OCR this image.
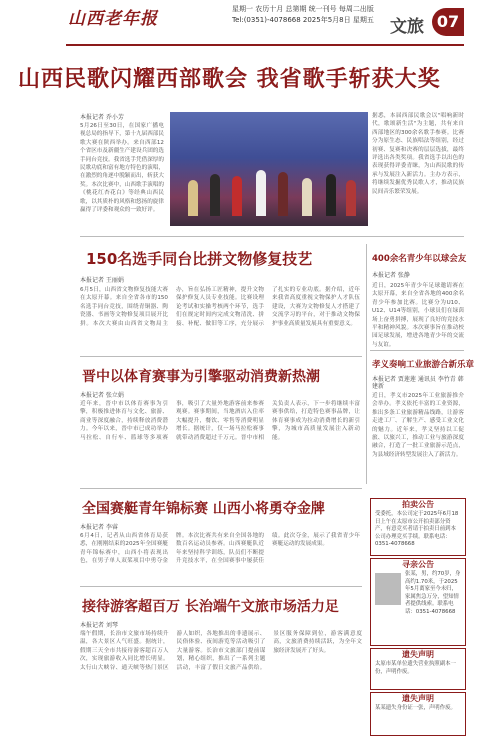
山西老年报	星期一 农历十月 总第期 统一刊号 每周二出版
Tel:(0351)-4078668 2025年5月8日 星期五 文旅 07
山西民歌闪耀西部歌会 我省歌手斩获大奖
本报记者 乔小芳
5月26日至30日，在国家广播电视总局的指导下，第十九届西部民歌大赛在陕西举办。来自西部12个省区市及新疆生产建设兵团的选手同台竞技。我省选手凭借深厚的民歌功底和富有地方特色的演唱，在激烈的角逐中脱颖而出，斩获大奖。本次比赛中，山西歌手演唱的《桃花红杏花白》等经典山西民歌，以其质朴的风格和悠扬的旋律赢得了评委和观众的一致好评。
据悉，本届西部民歌会以"唱响新时代，歌颂新生活"为主题，共有来自西部地区的300余名歌手参赛。比赛分为原生态、民族唱法等组别，经过初赛、复赛和决赛的层层选拔，最终评选出各类奖项。我省选手以出色的表现获得评委青睐，为山西民歌的传承与发展注入新活力。主办方表示，将继续发掘优秀民歌人才，推动民族民间音乐繁荣发展。
150名选手同台比拼文物修复技艺
本报记者 王丽娟
6月5日，山西省文物修复技能大赛在太原开幕。来自全省各市的150名选手同台竞技，围绕青铜器、陶瓷器、书画等文物修复项目展开比拼。本次大赛由山西省文物局主办，旨在弘扬工匠精神，提升文物保护修复人员专业技能。比赛设理论考试和实操考核两个环节，选手们在规定时间内完成文物清洗、拼接、补配、做旧等工序，充分展示了扎实的专业功底。据介绍，近年来我省高度重视文物保护人才队伍建设，大赛为文物修复人才搭建了交流学习的平台，对于推动文物保护事业高质量发展具有重要意义。
400余名青少年以球会友
本报记者 张静
近日，2025年青少年足球邀请赛在太原开幕，来自全省各地的400余名青少年参加比赛。比赛分为U10、U12、U14等组别，小球员们在绿茵场上奋勇拼搏，展现了良好的竞技水平和精神风貌。本次赛事旨在推动校园足球发展，增进各地青少年的交流与友谊。
晋中以体育赛事为引擎驱动消费新热潮
本报记者 张立娟
近年来，晋中市以体育赛事为引擎，积极推进体育与文化、旅游、商业等深度融合，持续释放消费潜力。今年以来，晋中市已成功举办马拉松、自行车、篮球等多项赛事，吸引了大量外地游客前来参赛观赛。赛事期间，当地酒店入住率大幅提升，餐饮、零售等消费明显增长。据统计，仅一场马拉松赛事就带动消费超过千万元。晋中市相关负责人表示，下一步将继续丰富赛事供给，打造特色赛事品牌，让体育赛事成为拉动消费增长的新引擎，为城市高质量发展注入新动能。
孝义奏响工业旅游合新乐章
本报记者 贾莲莲 通讯员 李竹青 韩建新
近日，孝义市2025年工业旅游推介会举办。孝义依托丰富的工业资源，推出多条工业旅游精品线路，让游客走进工厂、了解生产、感受工业文化的魅力。近年来，孝义坚持以工促旅、以旅兴工，推动工业与旅游深度融合，打造了一批工业旅游示范点，为县域经济转型发展注入了新活力。
全国赛艇青年锦标赛 山西小将勇夺金牌
本报记者 李睿
6月4日，记者从山西省体育局获悉，在刚刚结束的2025年全国赛艇青年锦标赛中，山西小将表现出色，在男子单人双桨项目中勇夺金牌。本次比赛共有来自全国各地的数百名运动员参赛。山西赛艇队近年来坚持科学训练，队员们不断提升竞技水平，在全国赛事中屡获佳绩。此次夺金，展示了我省青少年赛艇运动的发展成果。
接待游客超百万 长治端午文旅市场活力足
本报记者 刘琴
端午假期，长治市文旅市场持续升温，各大景区人气旺盛。据统计，假期三天全市共接待游客超百万人次，实现旅游收入同比增长明显。太行山大峡谷、通天峡等热门景区游人如织，各地推出的非遗展示、民俗体验、夜间游览等活动吸引了大量游客。长治市文旅部门提前谋划，精心组织，推出了一系列主题活动，丰富了假日文旅产品供给。景区服务保障到位，游客满意度高，文旅消费持续活跃，为全年文旅经济发展开了好头。
拍卖公告
受委托，本公司定于2025年6月18日上午在太原市公开拍卖部分资产，有意竞买者请于拍卖日前到本公司办理竞买手续。联系电话：0351-4078668
寻亲公告
张某，男，约70岁，身高约1.70米，于2025年5月离家至今未归，家属焦急万分，望知情者提供线索。联系电话：0351-4078668
遗失声明
太原市某单位遗失营业执照副本一份，声明作废。
遗失声明
某某遗失身份证一张，声明作废。
